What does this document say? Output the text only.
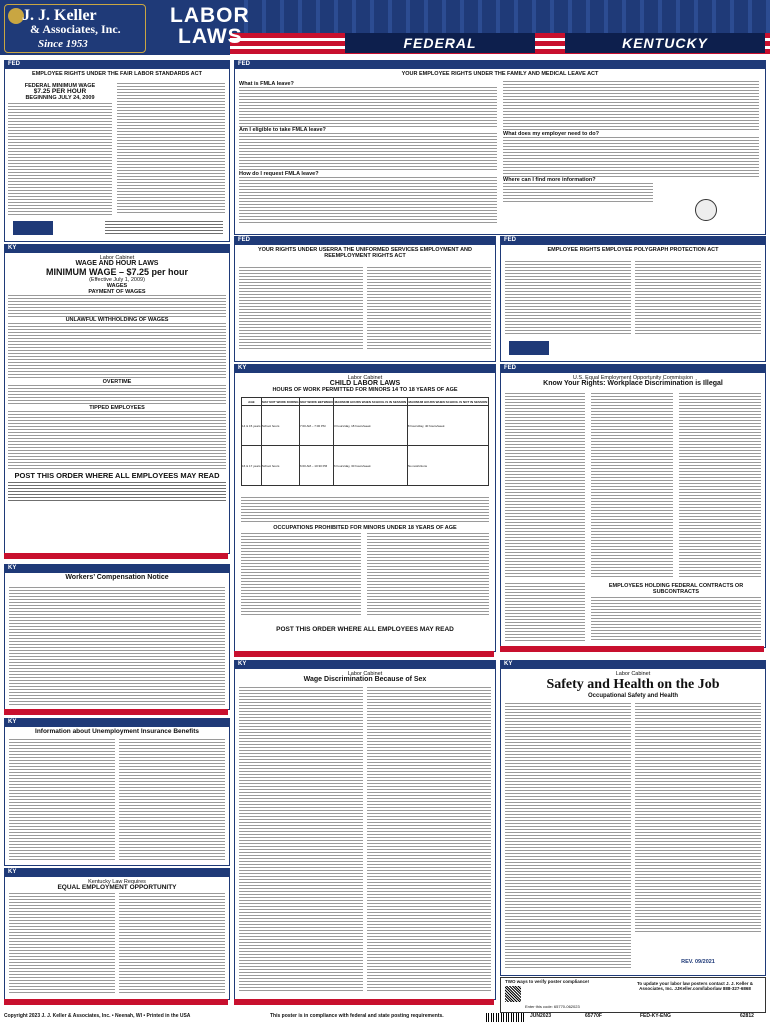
J. J. Keller
& Associates, Inc.
Since 1953
LABOR
LAWS	FEDERAL	KENTUCKY
FED
EMPLOYEE RIGHTS UNDER THE FAIR LABOR STANDARDS ACT
FEDERAL MINIMUM WAGE
$7.25 PER HOUR
BEGINNING JULY 24, 2009
FED
YOUR EMPLOYEE RIGHTS UNDER THE FAMILY AND MEDICAL LEAVE ACT
What is FMLA leave?
Am I eligible to take FMLA leave?
How do I request FMLA leave?
What does my employer need to do?
Where can I find more information?
FED
YOUR RIGHTS UNDER USERRA THE UNIFORMED SERVICES EMPLOYMENT AND REEMPLOYMENT RIGHTS ACT
FED
EMPLOYEE RIGHTS EMPLOYEE POLYGRAPH PROTECTION ACT
KY
Labor Cabinet
WAGE AND HOUR LAWS
MINIMUM WAGE – $7.25 per hour
(Effective July 1, 2009)
WAGES
PAYMENT OF WAGES
UNLAWFUL WITHHOLDING OF WAGES
OVERTIME
TIPPED EMPLOYEES
POST THIS ORDER WHERE ALL EMPLOYEES MAY READ
FED
U.S. Equal Employment Opportunity Commission
Know Your Rights: Workplace Discrimination is Illegal
EMPLOYEES HOLDING FEDERAL CONTRACTS OR SUBCONTRACTS
KY
Labor Cabinet
CHILD LABOR LAWS
HOURS OF WORK PERMITTED FOR MINORS 14 TO 18 YEARS OF AGE
AGE	MAY NOT WORK DURING	MAY WORK BETWEEN	MAXIMUM HOURS WHEN SCHOOL IS IN SESSION	MAXIMUM HOURS WHEN SCHOOL IS NOT IN SESSION
14 & 15 years	School hours	7:00 AM – 7:00 PM	3 hours/day, 18 hours/week	8 hours/day, 40 hours/week
16 & 17 years	School hours	6:00 AM – 10:30 PM	6 hours/day, 30 hours/week	No restrictions
OCCUPATIONS PROHIBITED FOR MINORS UNDER 18 YEARS OF AGE
POST THIS ORDER WHERE ALL EMPLOYEES MAY READ
KY
Workers’ Compensation Notice
KY
Information about Unemployment Insurance Benefits
KY
Kentucky Law Requires
EQUAL EMPLOYMENT OPPORTUNITY
KY
Labor Cabinet
Wage Discrimination Because of Sex
KY
Labor Cabinet
Safety and Health on the Job
Occupational Safety and Health
REV. 09/2021
TWO ways to verify poster compliance!
Enter this code: 65770-062023
To update your labor law posters contact J. J. Keller & Associates, Inc. JJKeller.com/laborlaw 888-327-6868
Copyright 2023 J. J. Keller & Associates, Inc. • Neenah, WI • Printed in the USA	This poster is in compliance with federal and state posting requirements.	JUN2023	65770F	FED-KY-ENG	62812
